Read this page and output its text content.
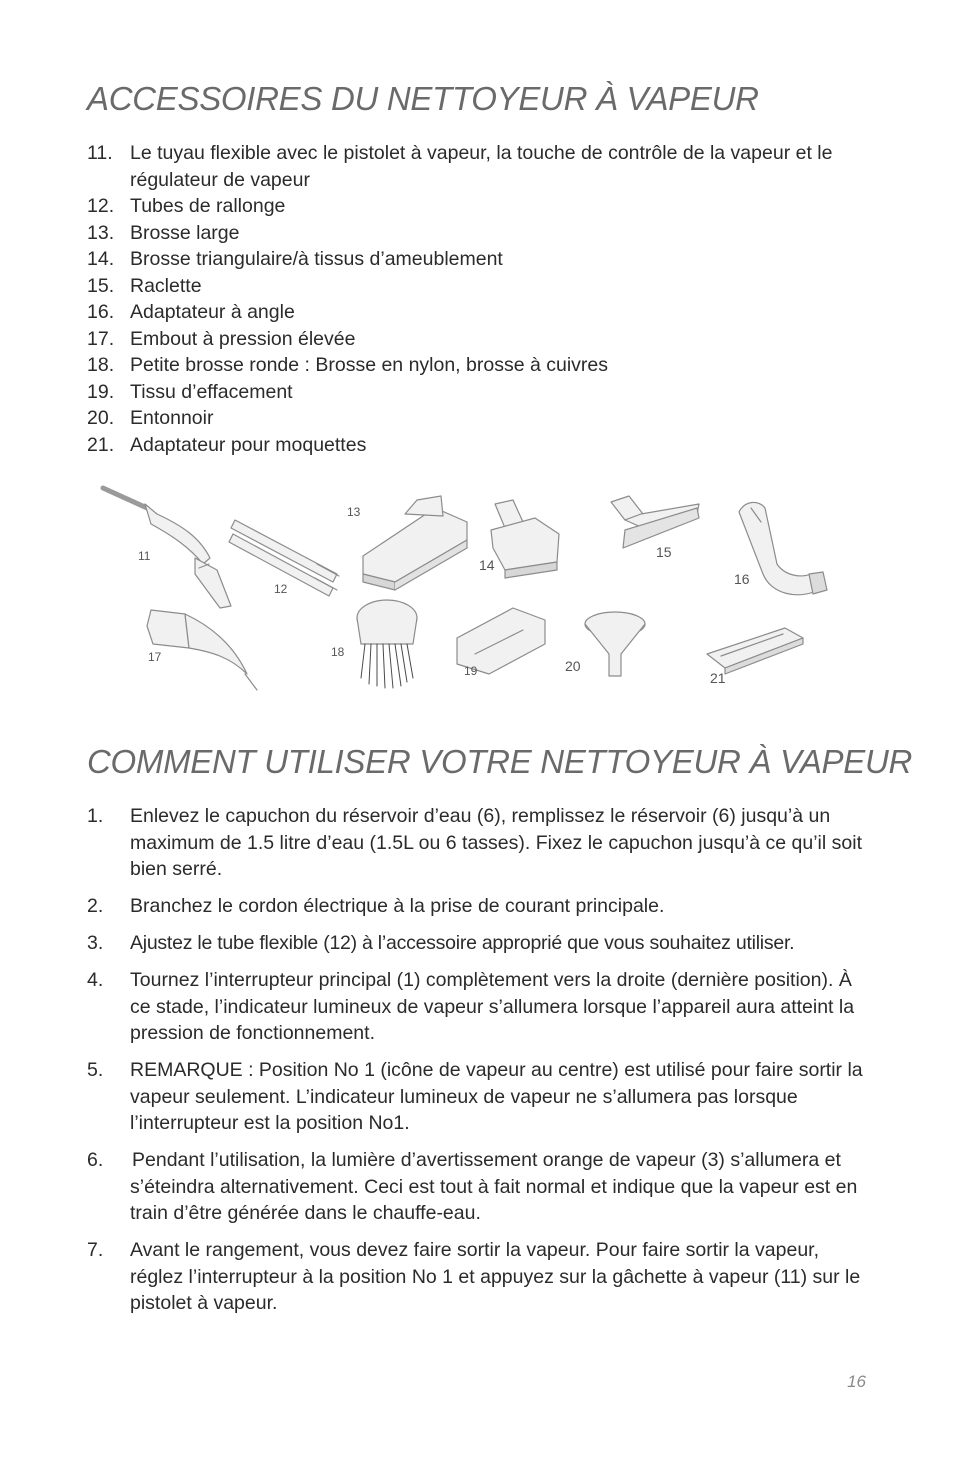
ACCESSOIRES DU NETTOYEUR À VAPEUR
11. Le tuyau flexible avec le pistolet à vapeur, la touche de contrôle de la vapeur et le régulateur de vapeur
12. Tubes de rallonge
13. Brosse large
14. Brosse triangulaire/à tissus d’ameublement
15. Raclette
16. Adaptateur à angle
17. Embout à pression élevée
18. Petite brosse ronde : Brosse en nylon, brosse à cuivres
19. Tissu d’effacement
20. Entonnoir
21. Adaptateur pour moquettes
11
12
13
14
15
16
17	18
19	20
21
COMMENT UTILISER VOTRE NETTOYEUR À VAPEUR
1. Enlevez le capuchon du réservoir d’eau (6), remplissez le réservoir (6) jusqu’à un maximum de 1.5 litre d’eau (1.5L ou 6 tasses). Fixez le capuchon jusqu’à ce qu’il soit bien serré.
2. Branchez le cordon électrique à la prise de courant principale.
3. Ajustez le tube flexible (12) à l’accessoire approprié que vous souhaitez utiliser.
4. Tournez l’interrupteur principal (1) complètement vers la droite (dernière position). À ce stade, l’indicateur lumineux de vapeur s’allumera lorsque l’appareil aura atteint la pression de fonctionnement.
5. REMARQUE : Position No 1 (icône de vapeur au centre) est utilisé pour faire sortir la vapeur seulement. L’indicateur lumineux de vapeur ne s’allumera pas lorsque l’interrupteur est la position No1.
6. Pendant l’utilisation, la lumière d’avertissement orange de vapeur (3) s’allumera et s’éteindra alternativement. Ceci est tout à fait normal et indique que la vapeur est en train d’être générée dans le chauffe-eau.
7. Avant le rangement, vous devez faire sortir la vapeur. Pour faire sortir la vapeur, réglez l’interrupteur à la position No 1 et appuyez sur la gâchette à vapeur (11) sur le pistolet à vapeur.
16
